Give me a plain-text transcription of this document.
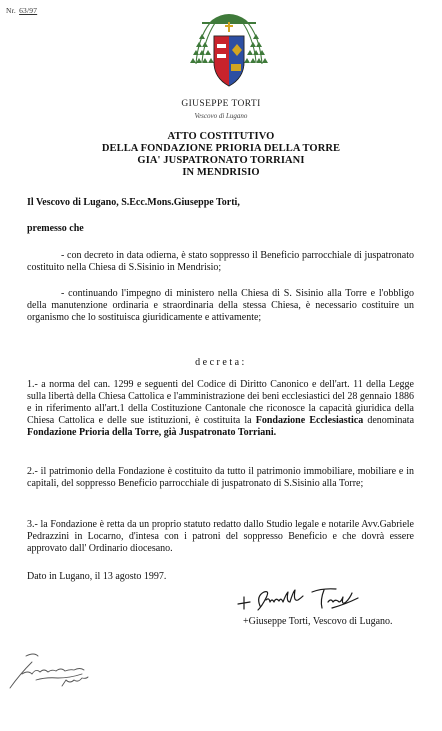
Nr. 63/97
GIUSEPPE TORTI
Vescovo di Lugano
ATTO COSTITUTIVO
DELLA FONDAZIONE PRIORIA DELLA TORRE
GIA' JUSPATRONATO TORRIANI
IN MENDRISIO
Il Vescovo di Lugano, S.Ecc.Mons.Giuseppe Torti,
premesso che
- con decreto in data odierna, è stato soppresso il Beneficio parrocchiale di juspatronato costituito nella Chiesa di S.Sisinio in Mendrisio;
- continuando l'impegno di ministero nella Chiesa di S. Sisinio alla Torre e l'obbligo della manutenzione ordinaria e straordinaria della stessa Chiesa, è necessario costituire un organismo che lo sostituisca giuridicamente e attivamente;
decreta:
1.- a norma del can. 1299 e seguenti del Codice di Diritto Canonico e dell'art. 11 della Legge sulla libertà della Chiesa Cattolica e l'amministrazione dei beni ecclesiastici del 28 gennaio 1886 e in riferimento all'art.1 della Costituzione Cantonale che riconosce la capacità giuridica della Chiesa Cattolica e delle sue istituzioni, è costituita la Fondazione Ecclesiastica denominata Fondazione Prioria della Torre, già Juspatronato Torriani.
2.- il patrimonio della Fondazione è costituito da tutto il patrimonio immobiliare, mobiliare e in capitali, del soppresso Beneficio parrocchiale di juspatronato di S.Sisinio alla Torre;
3.- la Fondazione è retta da un proprio statuto redatto dallo Studio legale e notarile Avv.Gabriele Pedrazzini in Locarno, d'intesa con i patroni del soppresso Beneficio e che dovrà essere approvato dall' Ordinario diocesano.
Dato in Lugano, il 13 agosto 1997.
+Giuseppe Torti, Vescovo di Lugano.
